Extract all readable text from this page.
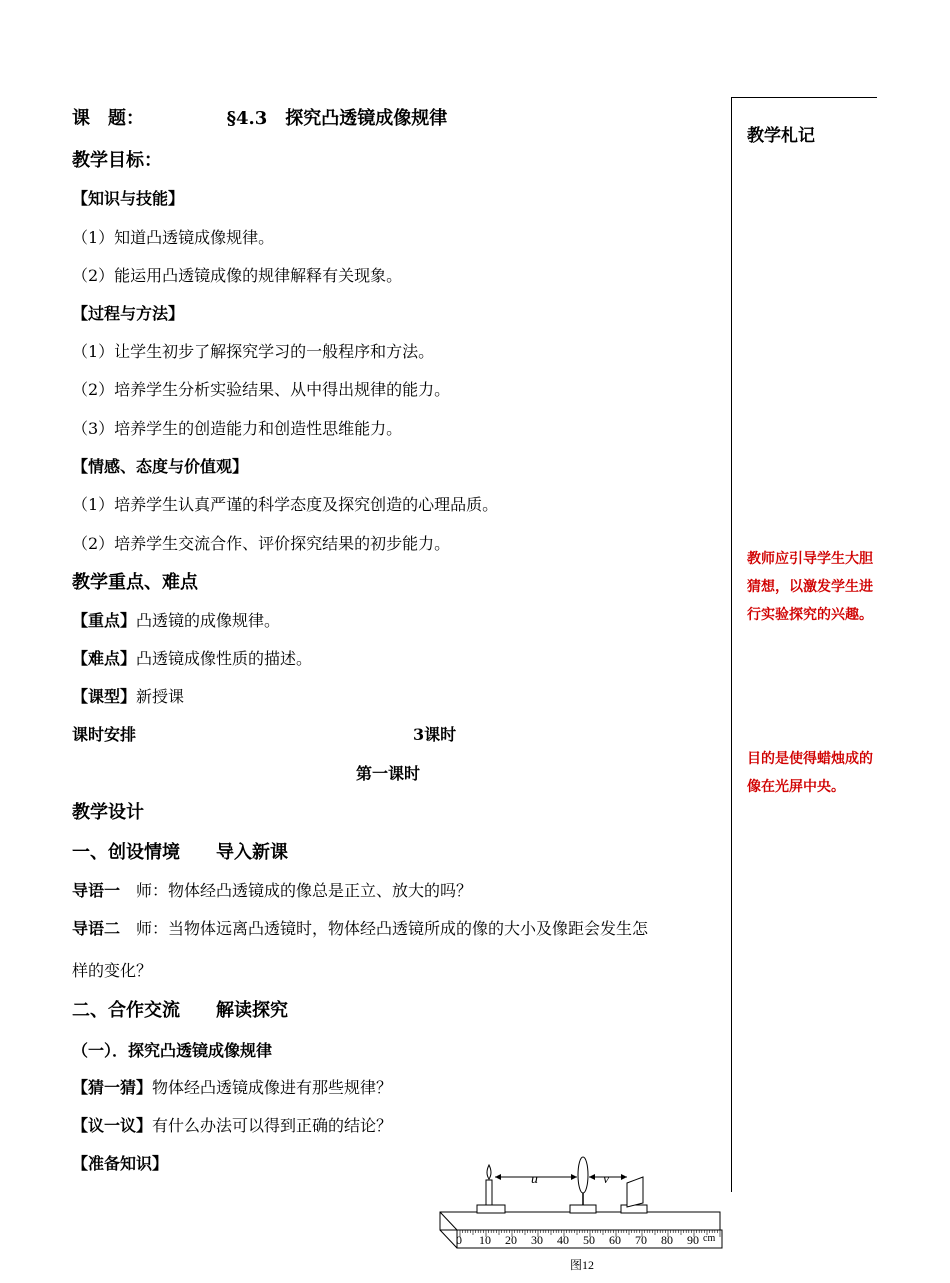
课　题：	§4.3　探究凸透镜成像规律
教学目标：
【知识与技能】
（1）知道凸透镜成像规律。
（2）能运用凸透镜成像的规律解释有关现象。
【过程与方法】
（1）让学生初步了解探究学习的一般程序和方法。
（2）培养学生分析实验结果、从中得出规律的能力。
（3）培养学生的创造能力和创造性思维能力。
【情感、态度与价值观】
（1）培养学生认真严谨的科学态度及探究创造的心理品质。
（2）培养学生交流合作、评价探究结果的初步能力。
教学重点、难点
【重点】凸透镜的成像规律。
【难点】凸透镜成像性质的描述。
【课型】新授课
课时安排	3课时
第一课时
教学设计
一、创设情境　　导入新课
导语一　师：物体经凸透镜成的像总是正立、放大的吗？
导语二　师：当物体远离凸透镜时，物体经凸透镜所成的像的大小及像距会发生怎
样的变化？
二、合作交流　　解读探究
（一）．探究凸透镜成像规律
【猜一猜】物体经凸透镜成像进有那些规律？
【议一议】有什么办法可以得到正确的结论？
【准备知识】
教学札记
教师应引导学生大胆猜想，以激发学生进行实验探究的兴趣。
目的是使得蜡烛成的像在光屏中央。
0 10 20 30 40 50 60 70 80 90 cm
u	v
图12
